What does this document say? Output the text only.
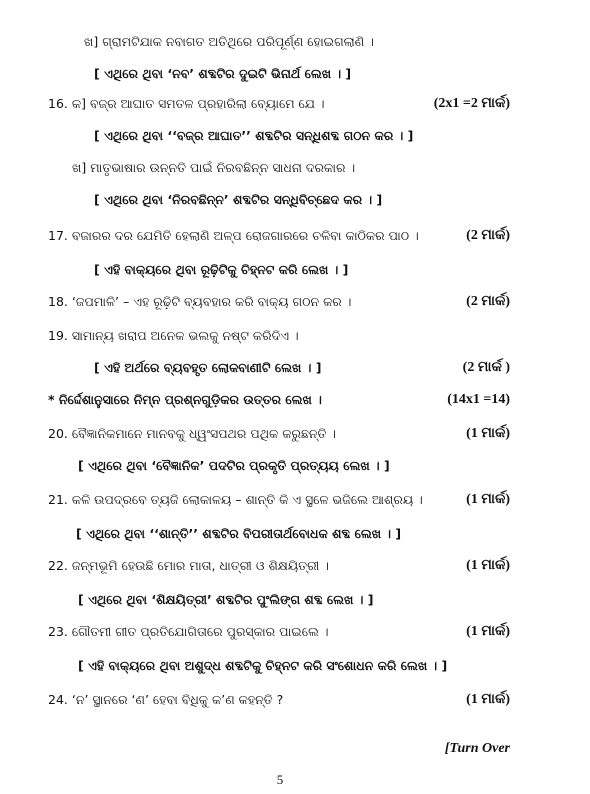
ଖ] ଗ୍ରାମଟିଯାକ ନବାଗତ ଅତିଥିରେ ପରିପୂର୍ଣ୍ଣ ହୋଇଗଲାଣି ।
[ ଏଥିରେ ଥିବା ‘ନବ’ ଶବ୍ଦଟିର ଦୁଇଟି ଭିନାର୍ଥ ଲେଖ । ]
16. କ] ବଜ୍ର ଆଘାତ ସମତଳ ପ୍ରହାରିଲା ବ୍ୟୋମେ ଯେ ।	(2x1 =2 ମାର୍କ)
[ ଏଥିରେ ଥିବା ‘‘ବଜ୍ର ଆଘାତ’’ ଶବ୍ଦଟିର ସନ୍ଧିଶବ୍ଦ ଗଠନ କର । ]
ଖ] ମାତୃଭାଷାର ଉନ୍ନତି ପାଇଁ ନିରବଛିନ୍ନ ସାଧନା ଦରକାର ।
[ ଏଥିରେ ଥିବା ‘ନିରବଛିନ୍ନ’ ଶବ୍ଦଟିର ସନ୍ଧିବିଚ୍ଛେଦ କର । ]
17. ବଜାରର ଦର ଯେମିତି ହେଲାଣି ଅଳ୍ପ ରୋଜଗାରରେ ଚଳିବା କାଠିକର ପାଠ ।	(2 ମାର୍କ)
[ ଏହି ବାକ୍ୟରେ ଥିବା ରୂଢ଼ିଟିକୁ ଚିହ୍ନଟ କରି ଲେଖ । ]
18. ‘ଜପମାଳି’ – ଏହ ରୂଢ଼ିଟି ବ୍ୟବହାର କରି ବାକ୍ୟ ଗଠନ କର ।	(2 ମାର୍କ)
19. ସାମାନ୍ୟ ଖରାପ ଅନେକ ଭଲକୁ ନଷ୍ଟ କରିଦିଏ ।
[ ଏହି ଅର୍ଥରେ ବ୍ୟବହୃତ ଲୋକବାଣୀଟି ଲେଖ । ]	(2 ମାର୍କ )
* ନିର୍ଦ୍ଦେଶାନୁସାରେ ନିମ୍ନ ପ୍ରଶ୍ନଗୁଡ଼ିକର ଉତ୍ତର ଲେଖ ।	(14x1 =14)
20. ବୈଜ୍ଞାନିକମାନେ ମାନବକୁ ଧ୍ୱଂସପଥର ପଥିକ କରୁଛନ୍ତି ।	(1 ମାର୍କ)
[ ଏଥିରେ ଥିବା ‘ବୈଜ୍ଞାନିକ’ ପଦଟିର ପ୍ରକୃତି ପ୍ରତ୍ୟୟ ଲେଖ । ]
21. କଳି ଉପଦ୍ରବେ ତ୍ୟଜି ଲୋକାଳୟ – ଶାନ୍ତି କି ଏ ସ୍ଥଳେ ଭଜିଲେ ଆଶ୍ରୟ ।	(1 ମାର୍କ)
[ ଏଥିରେ ଥିବା ‘‘ଶାନ୍ତି’’ ଶବ୍ଦଟିର ବିପରୀତାର୍ଥବୋଧକ ଶବ୍ଦ ଲେଖ । ]
22. ଜନ୍ମଭୂମି ହେଉଛି ମୋର ମାତା, ଧାତ୍ରୀ ଓ ଶିକ୍ଷୟିତ୍ରୀ ।	(1 ମାର୍କ)
[ ଏଥିରେ ଥିବା ‘ଶିକ୍ଷୟିତ୍ରୀ’ ଶବ୍ଦଟିର ପୁଂଲିଙ୍ଗ ଶବ୍ଦ ଲେଖ । ]
23. ଗୌତମୀ ଗୀତ ପ୍ରତିଯୋଗିତାରେ ପୁରସ୍କାର ପାଇଲେ ।	(1 ମାର୍କ)
[ ଏହି ବାକ୍ୟରେ ଥିବା ଅଶୁଦ୍ଧ ଶବ୍ଦଟିକୁ ଚିହ୍ନଟ କରି ସଂଶୋଧନ କରି ଲେଖ । ]
24. ‘ନ’ ସ୍ଥାନରେ ‘ଣ’ ହେବା ବିଧିକୁ କ’ଣ କହନ୍ତି ?	(1 ମାର୍କ)
[Turn Over
5
